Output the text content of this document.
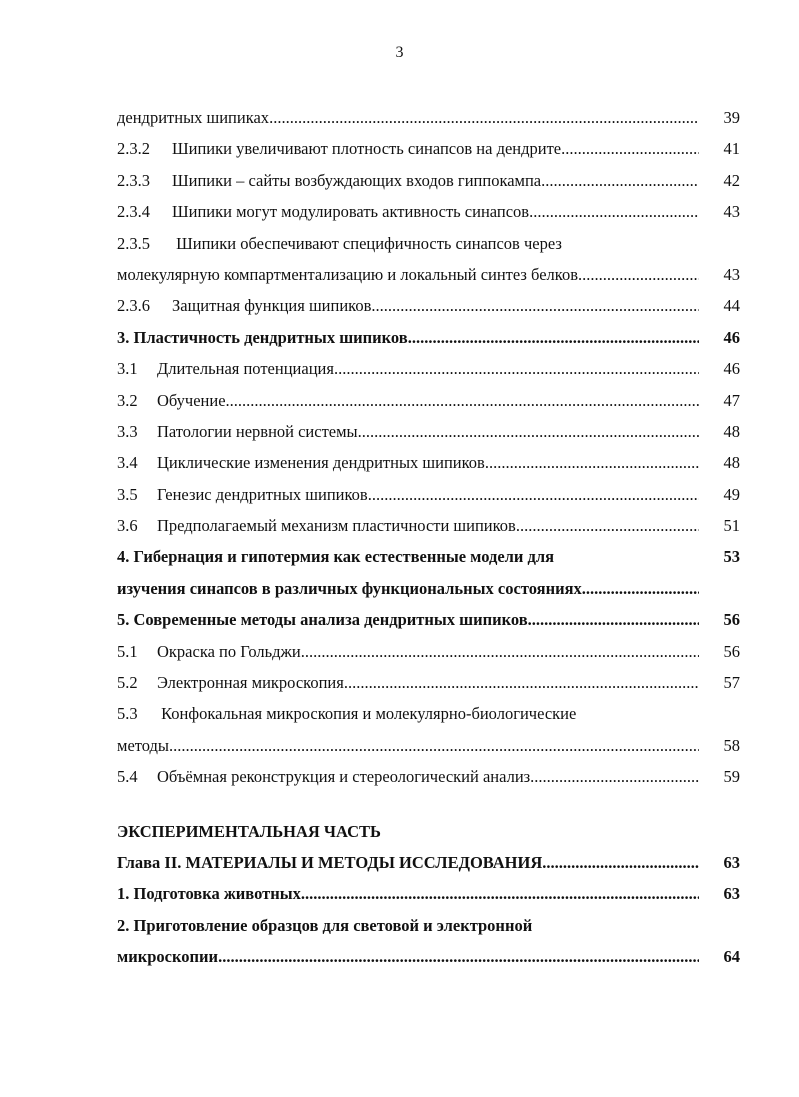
3
дендритных шипиках .....	39
2.3.2	Шипики увеличивают плотность синапсов на дендрите .....	41
2.3.3	Шипики – сайты возбуждающих входов гиппокампа .....	42
2.3.4	Шипики могут модулировать активность синапсов .....	43
2.3.5 Шипики обеспечивают специфичность синапсов через
молекулярную компартментализацию и локальный синтез белков .....	43
2.3.6	Защитная функция шипиков .....	44
3. Пластичность дендритных шипиков .....	46
3.1	Длительная потенциация .....	46
3.2	Обучение .....	47
3.3	Патологии нервной системы .....	48
3.4	Циклические изменения дендритных шипиков .....	48
3.5	Генезис дендритных шипиков .....	49
3.6	Предполагаемый механизм пластичности шипиков .....	51
4. Гибернация и гипотермия как естественные модели для	53
изучения синапсов в различных функциональных состояниях
.....
5. Современные методы анализа дендритных шипиков .....	56
5.1	Окраска по Гольджи .....	56
5.2	Электронная микроскопия .....	57
5.3 Конфокальная микроскопия и молекулярно-биологические
методы .....	58
5.4	Объёмная реконструкция и стереологический анализ .....	59
ЭКСПЕРИМЕНТАЛЬНАЯ ЧАСТЬ
Глава II. МАТЕРИАЛЫ И МЕТОДЫ ИССЛЕДОВАНИЯ .....	63
1. Подготовка животных .....	63
2. Приготовление образцов для световой и электронной
микроскопии .....	64
